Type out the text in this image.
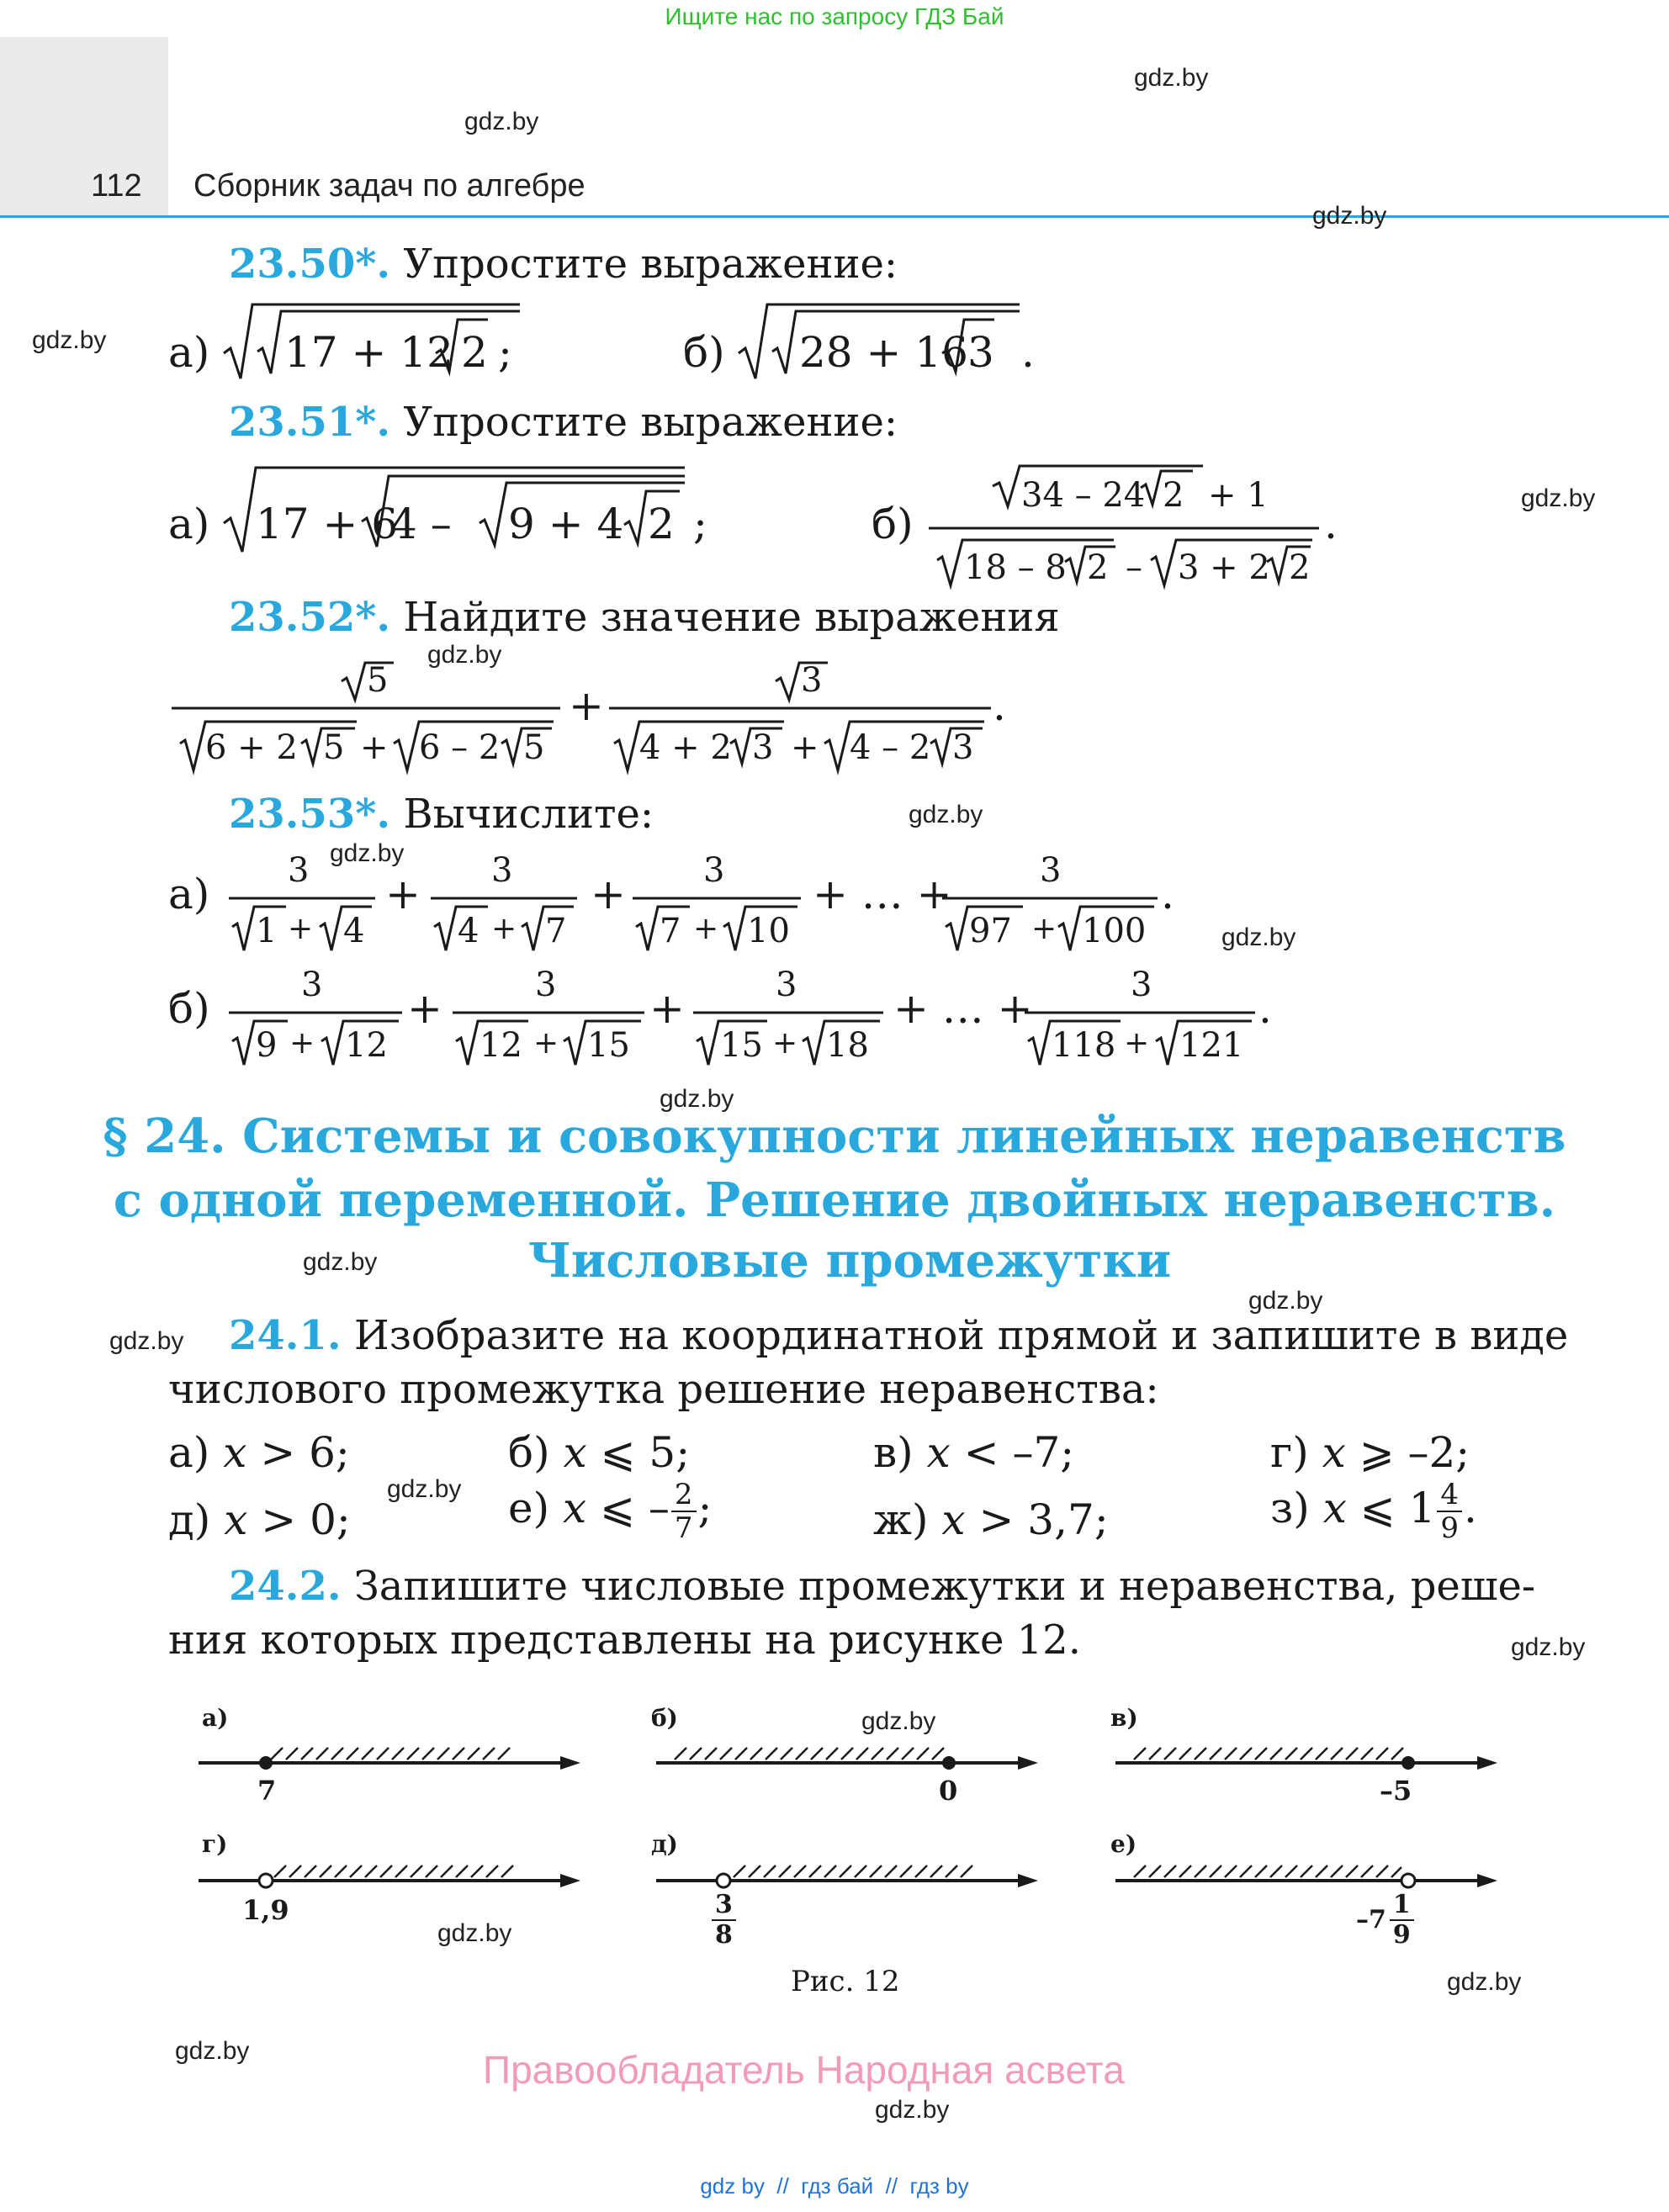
Ищите нас по запросу ГДЗ Бай
112 Сборник задач по алгебре
gdz.by
gdz.by
gdz.by
gdz.by
gdz.by
gdz.by
gdz.by
gdz.by
gdz.by
gdz.by
gdz.by
gdz.by
gdz.by
gdz.by
gdz.by
gdz.by
gdz.by
gdz.by
gdz.by
gdz.by
23.50*. Упростите выражение:
а) 17 + 12 2 ;	б) 28 + 16 3 .
23.51*. Упростите выражение:
а) 17 + 6
4 – 9 + 4 2 ;	б)
34 – 24 2 + 1
18 – 8 2 – 3 + 2 2
.
23.52*. Найдите значение выражения
5
6 + 2 5 + 6 – 2 5
+
3
4 + 2 3 + 4 – 2 3
.
23.53*. Вычислите:
а) 3
1 + 4
+ 3
4 + 7
+ 3
7 + 10
+ … +	3
97 + 100
.
б)	3
9 + 12
+	3
12 + 15
+	3
15 + 18
+ … +	3
118 + 121
.
§ 24. Системы и совокупности линейных неравенств
с одной переменной. Решение двойных неравенств.
Числовые промежутки
24.1. Изобразите на координатной прямой и запишите в виде
числового промежутка решение неравенства:
а) x > 6;	б) x ⩽ 5;	в) x < –7;	г) x ⩾ –2;
д) x > 0;	е) x ⩽ – $\frac{2}{7}$ ;	ж) x > 3,7;	з) x ⩽ $1 \frac{4}{9}$ .
24.2. Запишите числовые промежутки и неравенства, реше-
ния которых представлены на рисунке 12.
а)
7
б)
0
в)
–5
г)
1,9
д)
$\frac{3}{8}$
е)
$-7 \frac{1}{9}$
Рис. 12
Правообладатель Народная асвета
gdz by  //  гдз бай  //  гдз by
